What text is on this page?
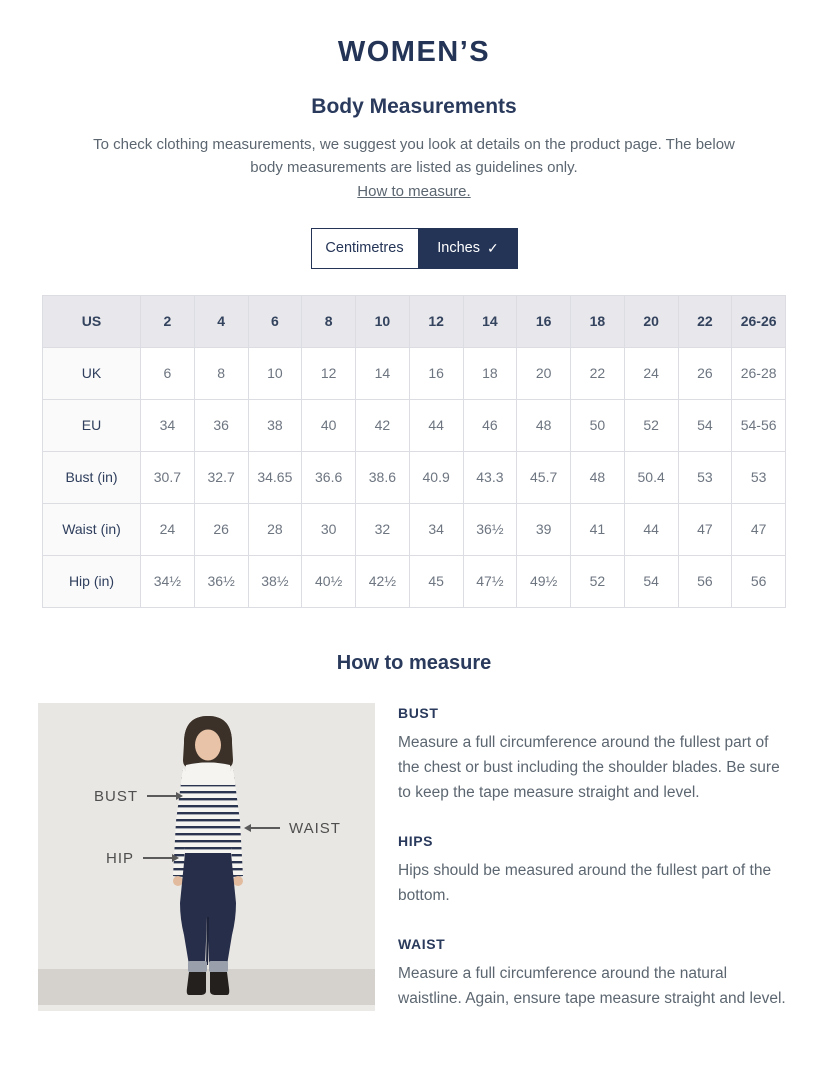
WOMEN’S
Body Measurements

To check clothing measurements, we suggest you look at details on the product page. The below body measurements are listed as guidelines only.

How to measure.
Centimetres Inches ✓
US	2	4	6	8	10	12	14	16	18	20	22	26-26
UK	6	8	10	12	14	16	18	20	22	24	26	26-28
EU	34	36	38	40	42	44	46	48	50	52	54	54-56
Bust (in)	30.7	32.7	34.65	36.6	38.6	40.9	43.3	45.7	48	50.4	53	53
Waist (in)	24	26	28	30	32	34	36½	39	41	44	47	47
Hip (in)	34½	36½	38½	40½	42½	45	47½	49½	52	54	56	56
How to measure
BUST
WAIST
HIP
BUST

Measure a full circumference around the fullest part of the chest or bust including the shoulder blades. Be sure to keep the tape measure straight and level.

HIPS

Hips should be measured around the fullest part of the bottom.

WAIST

Measure a full circumference around the natural waistline. Again, ensure tape measure straight and level.
